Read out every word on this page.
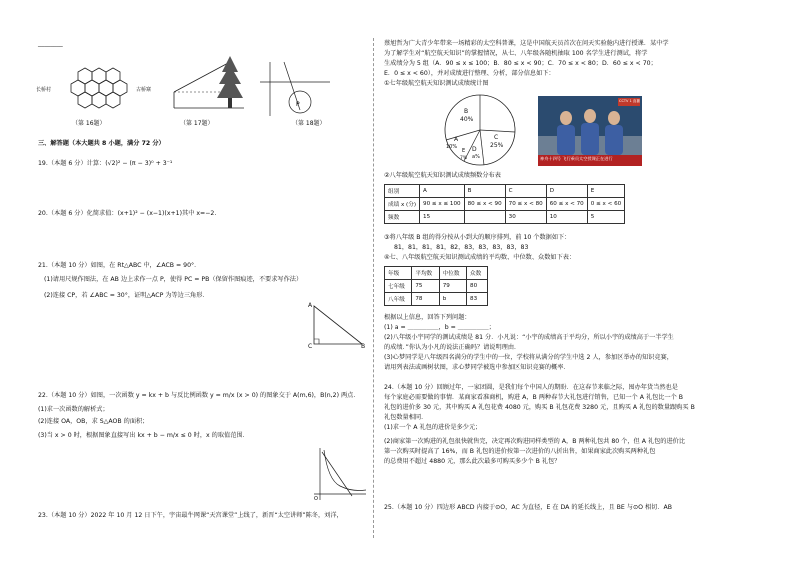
________
长桥村	古桥寨
（第 16题）	（第 17题）
P
（第 18题）
三、解答题（本大题共 8 小题，满分 72 分）
19.（本题 6 分）计算：(√2)² − (π − 3)⁰ + 3⁻¹
20.（本题 6 分）化简求值：(x+1)² − (x−1)(x+1)其中 x=−2.
21.（本题 10 分）如图，在 Rt△ABC 中，∠ACB = 90°．
(1)请用尺规作图法，在 AB 边上求作一点 P，使得 PC = PB（保留作图痕迹，不要求写作法）
(2)连接 CP，若 ∠ABC = 30°，证明△ACP 为等边三角形．
A
C	B
22.（本题 10 分）如图，一次函数 y = kx + b 与反比例函数 y = m/x (x > 0) 的图象交于 A(m,6)，B(n,2) 两点．
(1)求一次函数的解析式；
(2)连接 OA，OB，求 S△AOB 的面积；
(3)当 x > 0 时，根据图象直接写出 kx + b − m/x ≤ 0 时，x 的取值范围．
O
23.（本题 10 分）2022 年 10 月 12 日下午，宇宙最牛网课“天宫课堂”上线了，新晋“太空讲师”陈冬，刘洋，
蔡旭哲为广大青少年带来一场精彩的太空科普课，这是中国航天员首次在问天实验舱内进行授课．某中学
为了解学生对“航空航天知识”的掌握情况，从七、八年级各随机抽取 100 名学生进行测试，将学
生成绩分为 5 组（A．90 ≤ x ≤ 100；B．80 ≤ x < 90；C．70 ≤ x < 80；D．60 ≤ x < 70；
E．0 ≤ x < 60），并对成绩进行整理、分析，部分信息如下：
①七年级航空航天知识测试成绩统计图
B
40%
C
25%
A
10% D
a%
E
7%	神舟十四号 飞行乘员太空授课正在进行
CCTV 1 直播
②八年级航空航天知识测试成绩频数分布表
组别	A	B	C	D	E
成绩 x (分)	90 ≤ x ≤ 100	80 ≤ x < 90	70 ≤ x < 80	60 ≤ x < 70	0 ≤ x < 60
频数	15		30	10	5
③将八年级 B 组的得分按从小到大的顺序排列，前 10 个数据如下：
81，81，81，81，82，83，83，83，83，83
④七、八年级航空航天知识测试成绩的平均数、中位数、众数如下表：
年级	平均数	中位数	众数
七年级	75	79	80
八年级	78	b	83
根据以上信息，回答下列问题：
(1) a = ＿＿＿＿＿，b = ＿＿＿＿＿；
(2)八年级小宇同学的测试成绩是 81 分．小凡说：“小宇的成绩高于平均分，所以小宇的成绩高于一半学生
的成绩．”你认为小凡的说法正确吗？请说明理由．
(3)心梦同学是八年级四名满分的学生中的一位，学校将从满分的学生中选 2 人，参加区举办的知识竞赛，
请用列表法或画树状图，求心梦同学被选中参加区知识竞赛的概率．
24.（本题 10 分）回顾过年，一家团圆，是我们每个中国人的期盼．在这春节来临之际，囤办年货当然也是
每个家庭必需要做的事情．某商家看准商机，购进 A，B 两种春节大礼包进行销售，已知一个 A 礼包比一个 B
礼包的进价多 30 元，其中购买 A 礼包花费 4080 元，购买 B 礼包花费 3280 元，且购买 A 礼包的数量跟购买 B
礼包数量相同．
(1)求一个 A 礼包的进价是多少元；
(2)商家第一次购进的礼包很快就售完，决定再次购进同样类型的 A，B 两种礼包共 80 个，但 A 礼包的进价比
第一次购买时提高了 16%，而 B 礼包的进价按第一次进价的八折出售，如果商家此次购买两种礼包
的总费用不超过 4880 元，那么此次最多可购买多少个 B 礼包？
25.（本题 10 分）四边形 ABCD 内接于⊙O，AC 为直径，E 在 DA 的延长线上，且 BE 与⊙O 相切．AB
